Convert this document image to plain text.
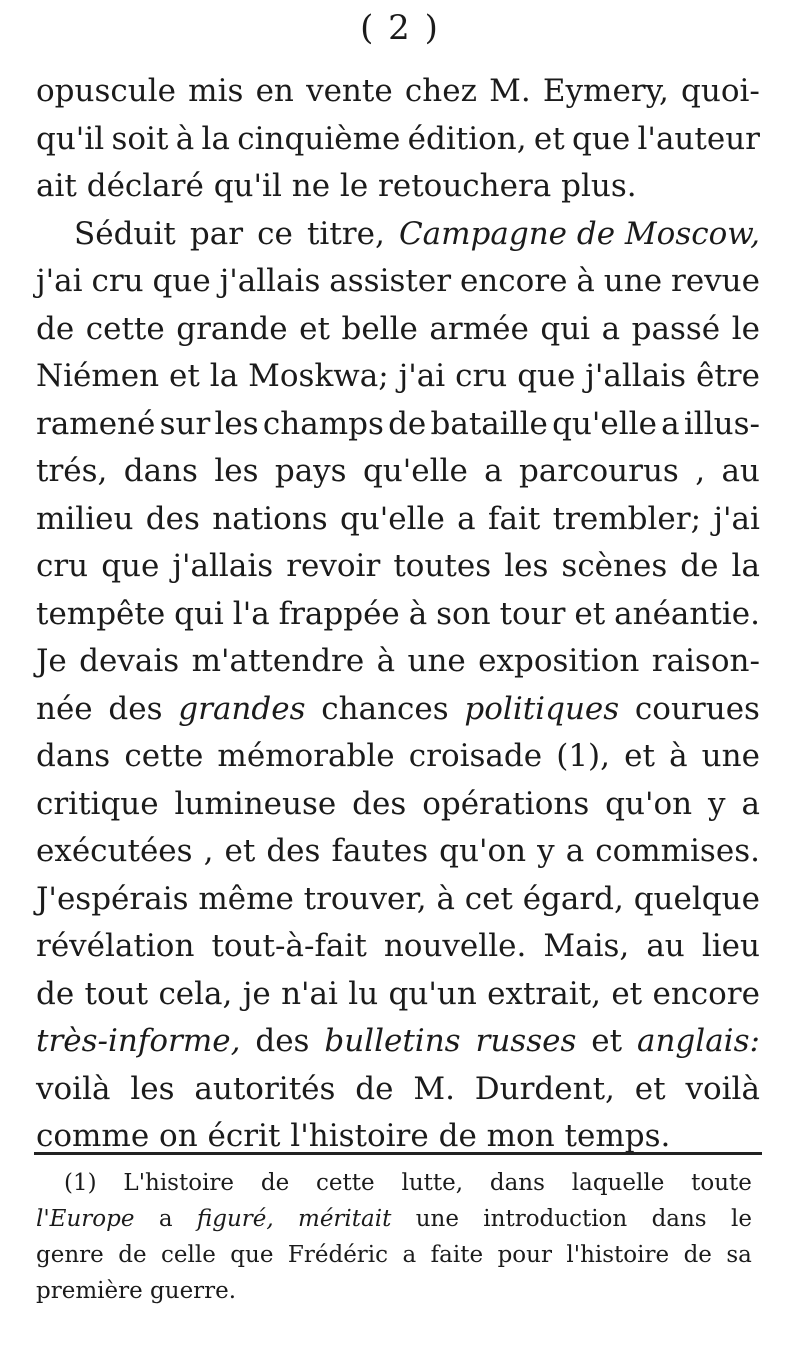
( 2 )
opuscule mis en vente chez M. Eymery, quoi-
qu'il soit à la cinquième édition, et que l'auteur
ait
déclaré
qu'il
ne
le
retouchera
plus.
Séduit par ce titre, Campagne de Moscow,
j'ai cru que j'allais assister encore à une revue
de cette grande et belle armée qui a passé le
Niémen et la Moskwa; j'ai cru que j'allais être
ramené sur les champs de bataille qu'elle a illus-
trés, dans les pays qu'elle a parcourus , au
milieu des nations qu'elle a fait trembler; j'ai
cru que j'allais revoir toutes les scènes de la
tempête qui l'a frappée à son tour et anéantie.
Je devais m'attendre à une exposition raison-
née des grandes chances politiques courues
dans cette mémorable croisade (1), et à une
critique lumineuse des opérations qu'on y a
exécutées , et des fautes qu'on y a commises.
J'espérais même trouver, à cet égard, quelque
révélation tout-à-fait nouvelle. Mais, au lieu
de tout cela, je n'ai lu qu'un extrait, et encore
très-informe, des bulletins russes et anglais:
voilà les autorités de M. Durdent, et voilà
comme
on
écrit
l'histoire
de
mon
temps.
(1) L'histoire de cette lutte, dans laquelle toute
l'Europe a figuré, méritait une introduction dans le
genre de celle que Frédéric a faite pour l'histoire de sa
première
guerre.
